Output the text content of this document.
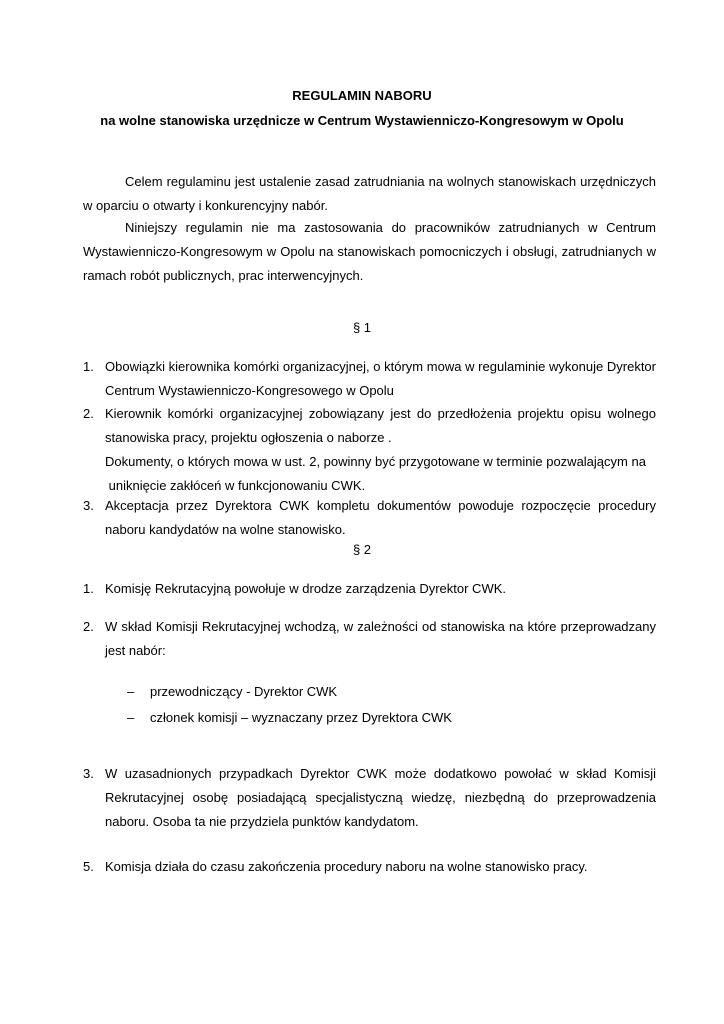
REGULAMIN NABORU
na wolne stanowiska urzędnicze w Centrum Wystawienniczo-Kongresowym w Opolu

Celem regulaminu jest ustalenie zasad zatrudniania na wolnych stanowiskach urzędniczych w oparciu o otwarty i konkurencyjny nabór.

Niniejszy regulamin nie ma zastosowania do pracowników zatrudnianych w Centrum Wystawienniczo-Kongresowym w Opolu na stanowiskach pomocniczych i obsługi, zatrudnianych w ramach robót publicznych, prac interwencyjnych.

§ 1
1. Obowiązki kierownika komórki organizacyjnej, o którym mowa w regulaminie wykonuje Dyrektor Centrum Wystawienniczo-Kongresowego w Opolu
2. Kierownik komórki organizacyjnej zobowiązany jest do przedłożenia projektu opisu wolnego stanowiska pracy, projektu ogłoszenia o naborze .
Dokumenty, o których mowa w ust. 2, powinny być przygotowane w terminie pozwalającym na
uniknięcie zakłóceń w funkcjonowaniu CWK.
3. Akceptacja przez Dyrektora CWK kompletu dokumentów powoduje rozpoczęcie procedury naboru kandydatów na wolne stanowisko.
§ 2
1. Komisję Rekrutacyjną powołuje w drodze zarządzenia Dyrektor CWK.
2. W skład Komisji Rekrutacyjnej wchodzą, w zależności od stanowiska na które przeprowadzany jest nabór:
– przewodniczący - Dyrektor CWK
– członek komisji – wyznaczany przez Dyrektora CWK
3. W uzasadnionych przypadkach Dyrektor CWK może dodatkowo powołać w skład Komisji Rekrutacyjnej osobę posiadającą specjalistyczną wiedzę, niezbędną do przeprowadzenia naboru. Osoba ta nie przydziela punktów kandydatom.
5. Komisja działa do czasu zakończenia procedury naboru na wolne stanowisko pracy.
